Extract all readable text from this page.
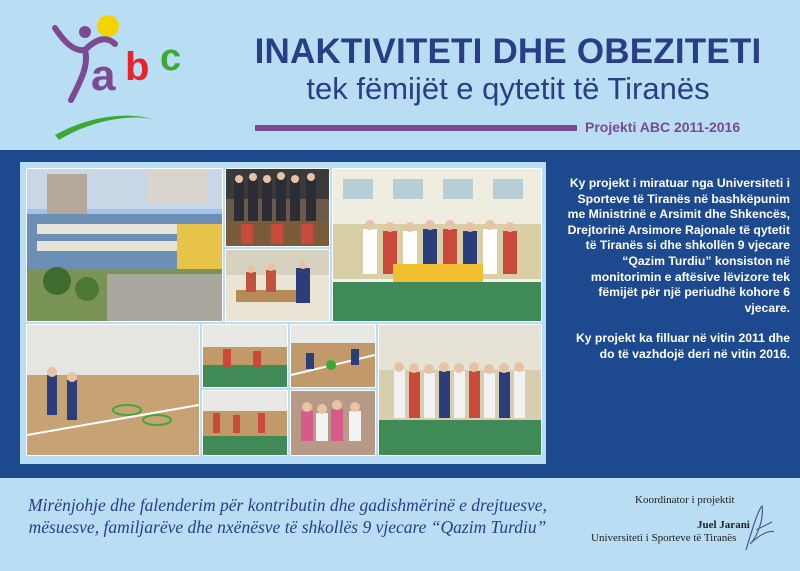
a b c	INAKTIVITETI DHE OBEZITETI
tek fëmijët e qytetit të Tiranës
Projekti ABC 2011-2016

Ky projekt i miratuar nga Universiteti i Sporteve të Tiranës në bashkëpunim me Ministrinë e Arsimit dhe Shkencës, Drejtorinë Arsimore Rajonale të qytetit të Tiranës si dhe shkollën 9 vjecare “Qazim Turdiu” konsiston në monitorimin e aftësive lëvizore tek fëmijët për një periudhë kohore 6 vjecare.

Ky projekt ka filluar në vitin 2011 dhe do të vazhdojë deri në vitin 2016.

Mirënjohje dhe falenderim për kontributin dhe gadishmërinë e drejtuesve,
mësuesve, familjarëve dhe nxënësve të shkollës 9 vjecare “Qazim Turdiu”
Koordinator i projektit
Juel Jarani
Universiteti i Sporteve të Tiranës
